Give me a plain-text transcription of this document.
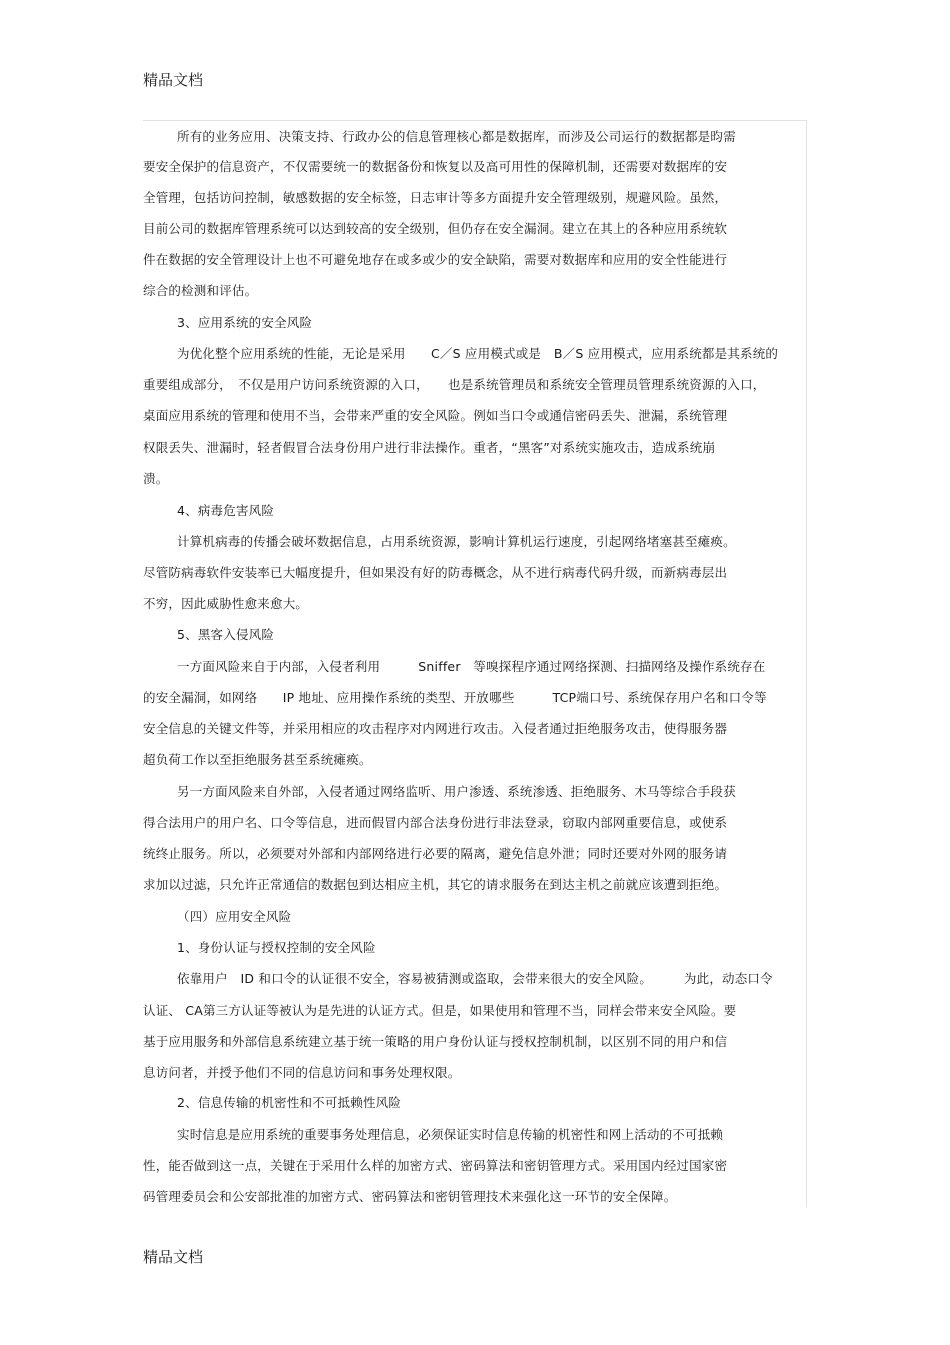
精品文档
所有的业务应用、决策支持、行政办公的信息管理核心都是数据库，而涉及公司运行的数据都是昀需
要安全保护的信息资产，不仅需要统一的数据备份和恢复以及高可用性的保障机制，还需要对数据库的安
全管理，包括访问控制，敏感数据的安全标签，日志审计等多方面提升安全管理级别，规避风险。虽然，
目前公司的数据库管理系统可以达到较高的安全级别，但仍存在安全漏洞。建立在其上的各种应用系统软
件在数据的安全管理设计上也不可避免地存在或多或少的安全缺陷，需要对数据库和应用的安全性能进行
综合的检测和评估。
3、应用系统的安全风险
为优化整个应用系统的性能，无论是采用　　C／S 应用模式或是　B／S 应用模式，应用系统都是其系统的
重要组成部分，　不仅是用户访问系统资源的入口，　　也是系统管理员和系统安全管理员管理系统资源的入口，
桌面应用系统的管理和使用不当，会带来严重的安全风险。例如当口令或通信密码丢失、泄漏，系统管理
权限丢失、泄漏时，轻者假冒合法身份用户进行非法操作。重者，“黑客”对系统实施攻击，造成系统崩
溃。
4、病毒危害风险
计算机病毒的传播会破坏数据信息，占用系统资源，影响计算机运行速度，引起网络堵塞甚至瘫痪。
尽管防病毒软件安装率已大幅度提升，但如果没有好的防毒概念，从不进行病毒代码升级，而新病毒层出
不穷，因此威胁性愈来愈大。
5、黑客入侵风险
一方面风险来自于内部，入侵者利用　　　Sniffer　等嗅探程序通过网络探测、扫描网络及操作系统存在
的安全漏洞，如网络　　IP 地址、应用操作系统的类型、开放哪些　　　TCP端口号、系统保存用户名和口令等
安全信息的关键文件等，并采用相应的攻击程序对内网进行攻击。入侵者通过拒绝服务攻击，使得服务器
超负荷工作以至拒绝服务甚至系统瘫痪。
另一方面风险来自外部，入侵者通过网络监听、用户渗透、系统渗透、拒绝服务、木马等综合手段获
得合法用户的用户名、口令等信息，进而假冒内部合法身份进行非法登录，窃取内部网重要信息，或使系
统终止服务。所以，必须要对外部和内部网络进行必要的隔离，避免信息外泄；同时还要对外网的服务请
求加以过滤，只允许正常通信的数据包到达相应主机，其它的请求服务在到达主机之前就应该遭到拒绝。
（四）应用安全风险
1、身份认证与授权控制的安全风险
依靠用户　ID 和口令的认证很不安全，容易被猜测或盗取，会带来很大的安全风险。　　　为此，动态口令
认证、 CA第三方认证等被认为是先进的认证方式。但是，如果使用和管理不当，同样会带来安全风险。要
基于应用服务和外部信息系统建立基于统一策略的用户身份认证与授权控制机制，以区别不同的用户和信
息访问者，并授予他们不同的信息访问和事务处理权限。
2、信息传输的机密性和不可抵赖性风险
实时信息是应用系统的重要事务处理信息，必须保证实时信息传输的机密性和网上活动的不可抵赖
性，能否做到这一点，关键在于采用什么样的加密方式、密码算法和密钥管理方式。采用国内经过国家密
码管理委员会和公安部批准的加密方式、密码算法和密钥管理技术来强化这一环节的安全保障。
精品文档
